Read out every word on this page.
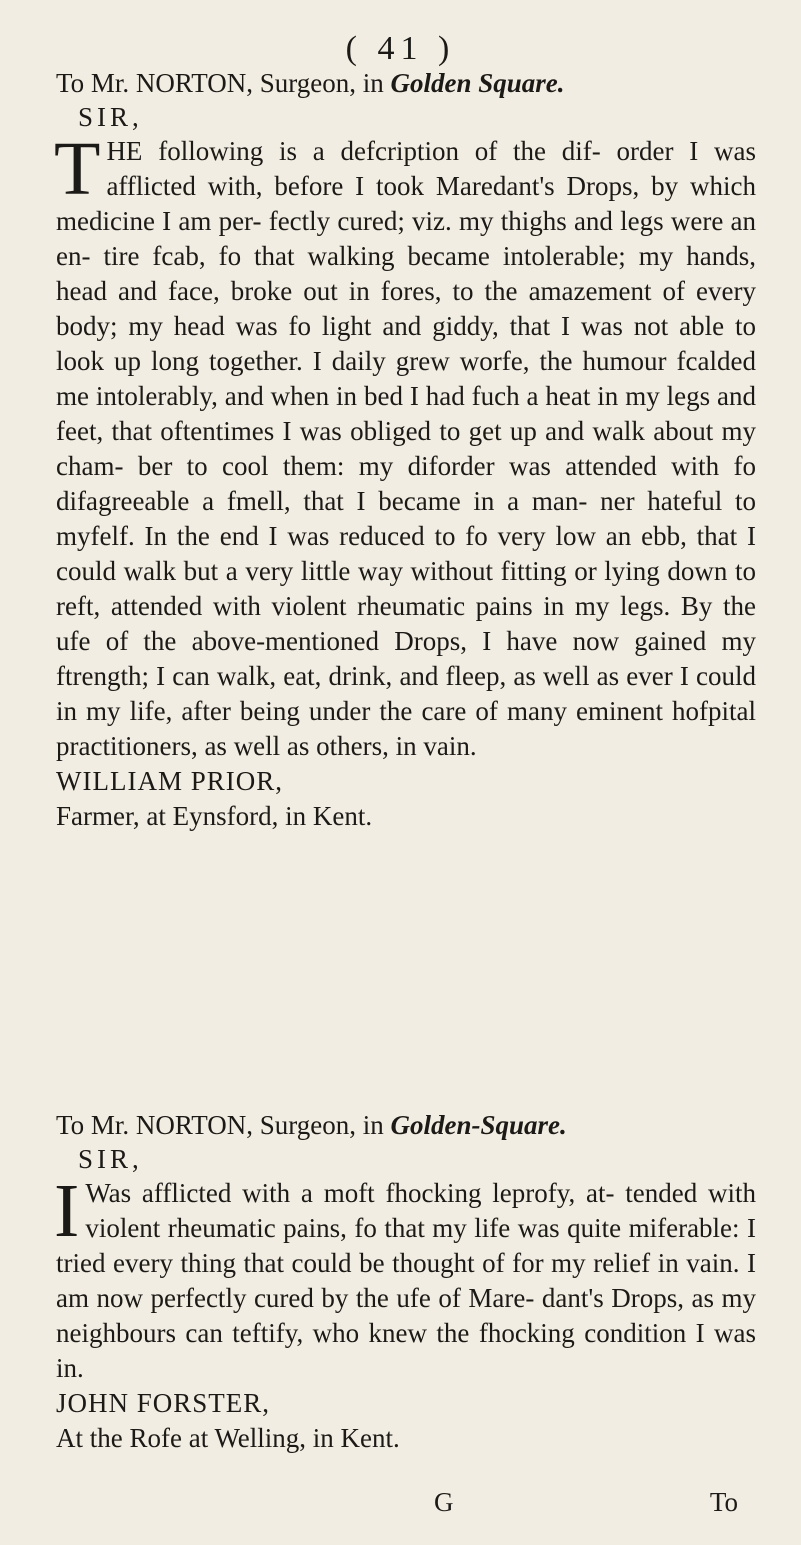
( 41 )

To Mr. NORTON, Surgeon, in Golden Square.

SIR,

THE following is a defcription of the dif- order I was afflicted with, before I took Maredant's Drops, by which medicine I am per- fectly cured; viz. my thighs and legs were an en- tire fcab, fo that walking became intolerable; my hands, head and face, broke out in fores, to the amazement of every body; my head was fo light and giddy, that I was not able to look up long together. I daily grew worfe, the humour fcalded me intolerably, and when in bed I had fuch a heat in my legs and feet, that oftentimes I was obliged to get up and walk about my cham- ber to cool them: my diforder was attended with fo difagreeable a fmell, that I became in a man- ner hateful to myfelf. In the end I was reduced to fo very low an ebb, that I could walk but a very little way without fitting or lying down to reft, attended with violent rheumatic pains in my legs. By the ufe of the above-mentioned Drops, I have now gained my ftrength; I can walk, eat, drink, and fleep, as well as ever I could in my life, after being under the care of many eminent hofpital practitioners, as well as others, in vain.

WILLIAM PRIOR,

Farmer, at Eynsford, in Kent.

To Mr. NORTON, Surgeon, in Golden-Square.

SIR,

I Was afflicted with a moft fhocking leprofy, at- tended with violent rheumatic pains, fo that my life was quite miferable: I tried every thing that could be thought of for my relief in vain. I am now perfectly cured by the ufe of Mare- dant's Drops, as my neighbours can teftify, who knew the fhocking condition I was in.

JOHN FORSTER,

At the Rofe at Welling, in Kent.

G	To
